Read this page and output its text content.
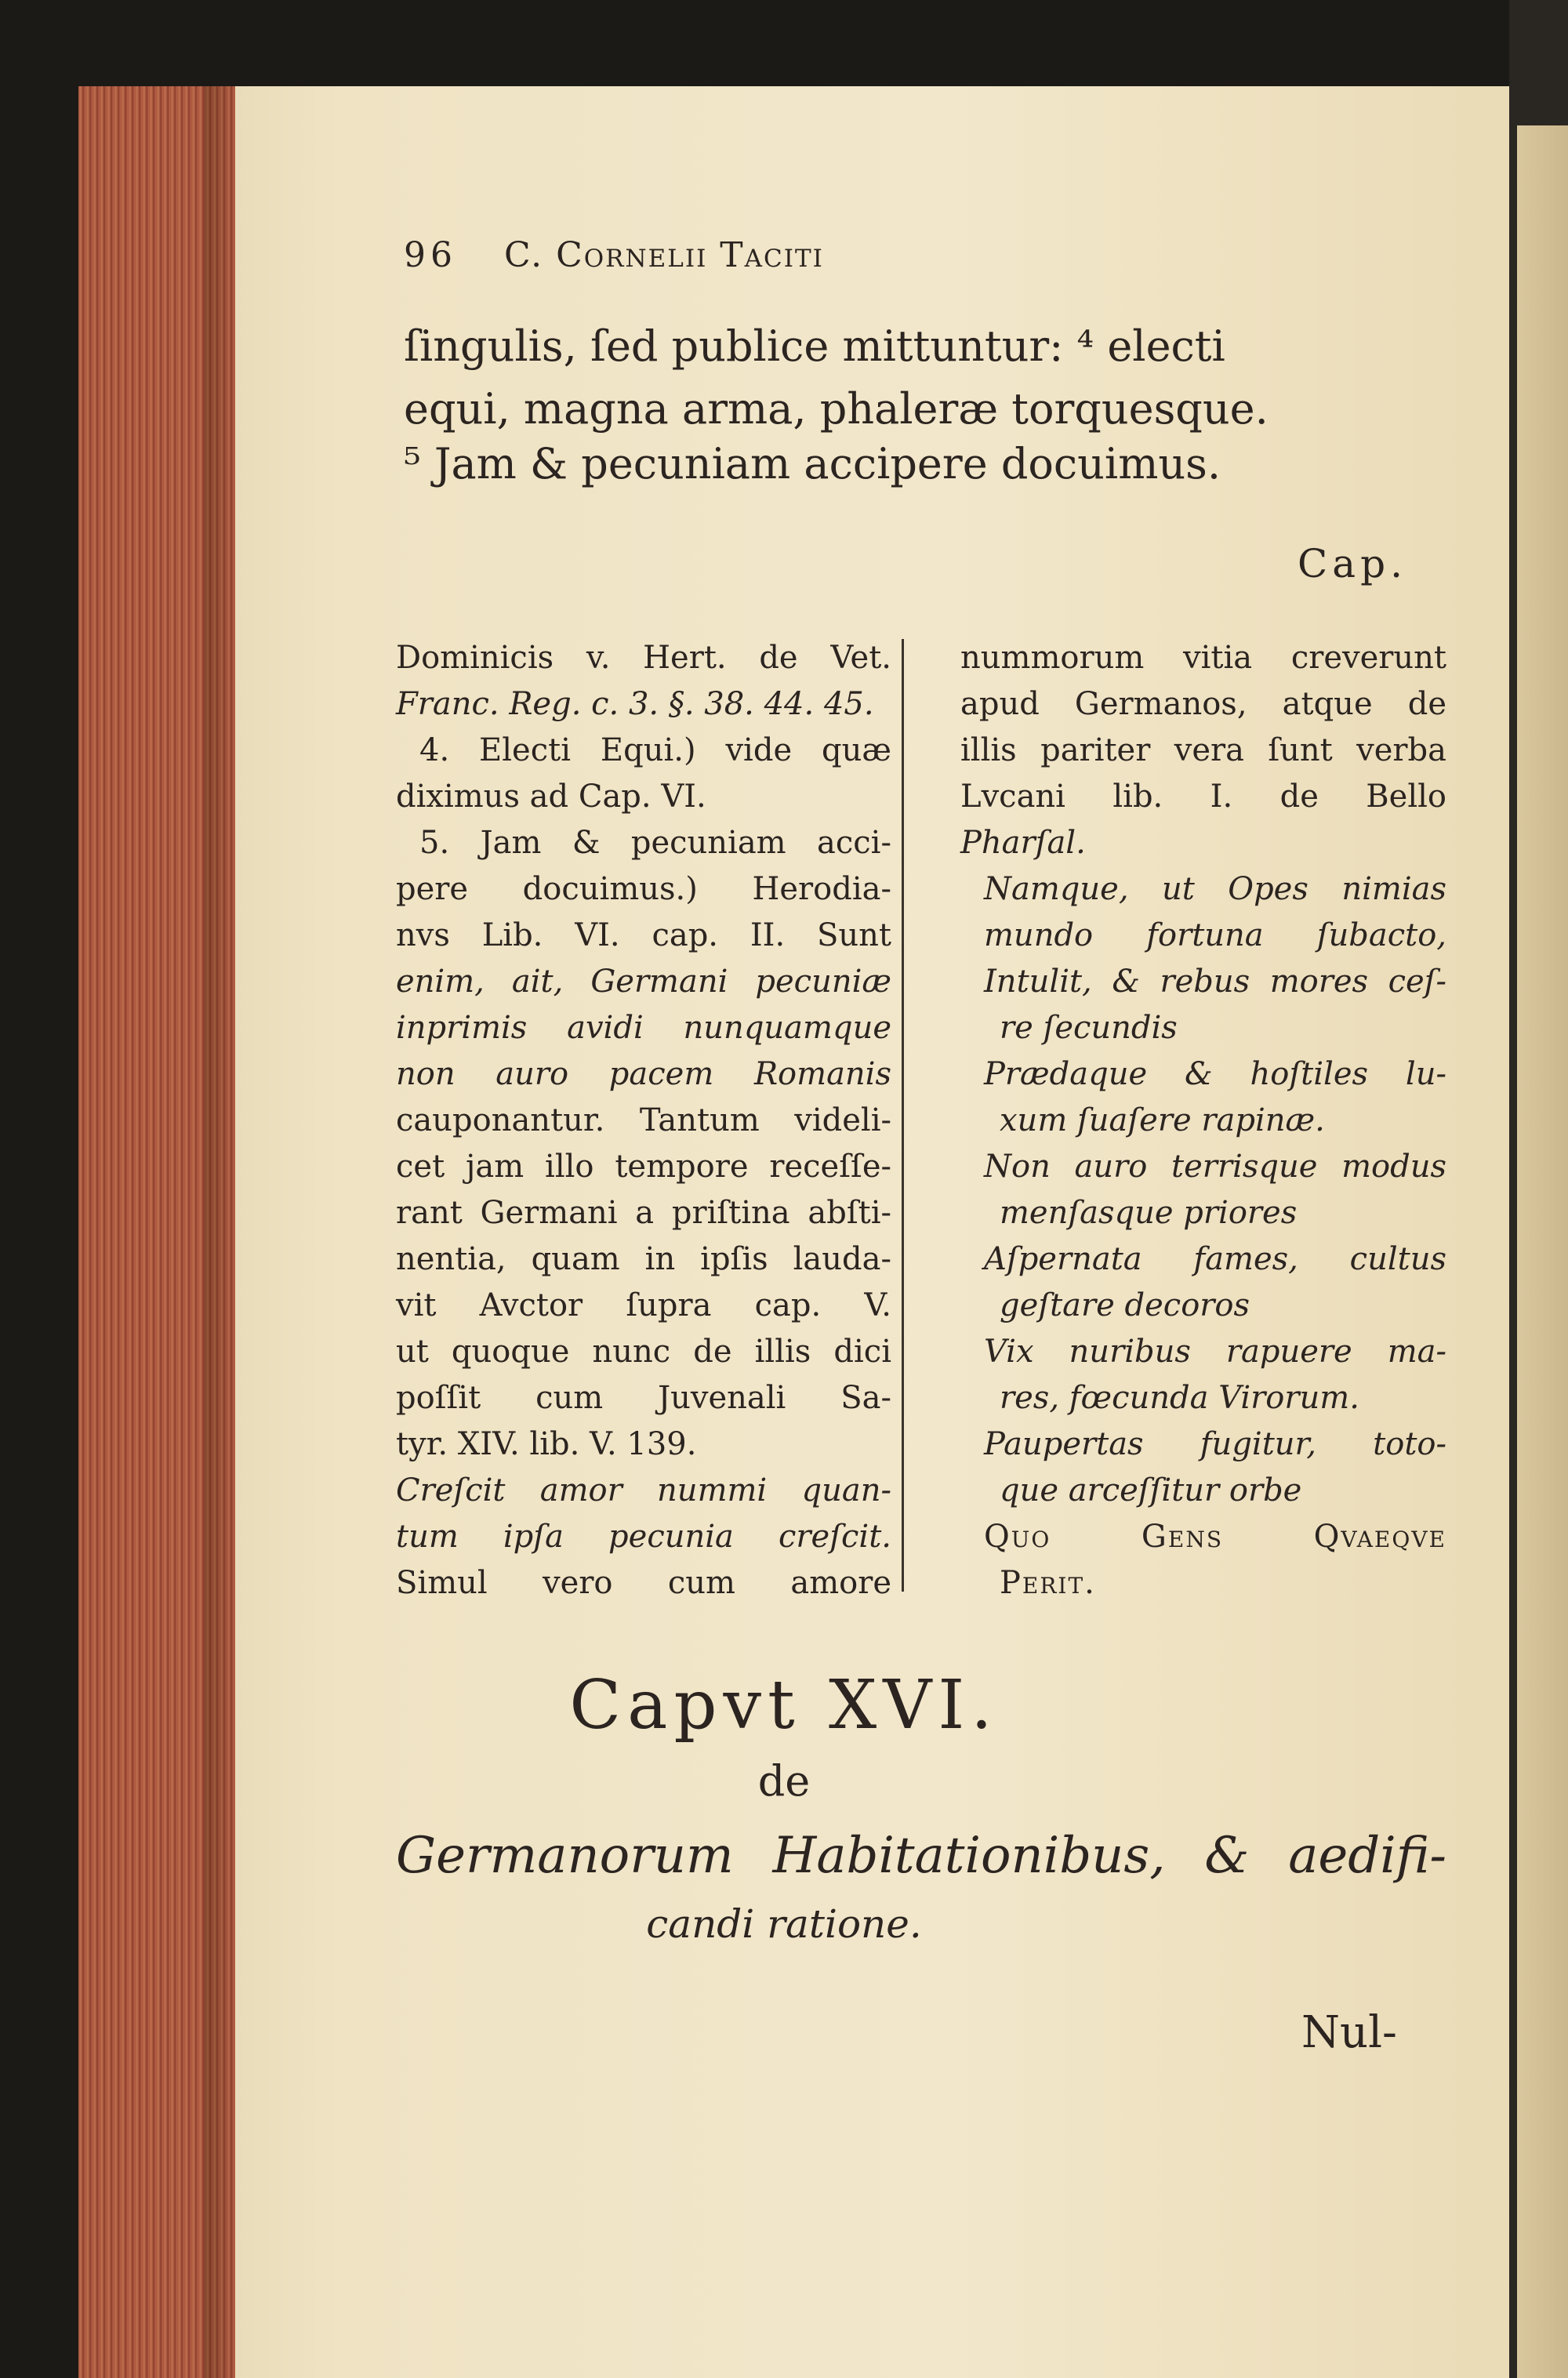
96 C. Cornelii Taciti
ſingulis, ſed publice mittuntur: ⁴ electi
equi, magna arma, phaleræ torquesque.
⁵ Jam & pecuniam accipere docuimus.
Cap.
Dominicis v. Hert. de Vet.
Franc. Reg. c. 3. §. 38. 44. 45.
4. Electi Equi.) vide quæ
diximus ad Cap. VI.
5. Jam & pecuniam acci-
pere docuimus.) Herodia-
nvs Lib. VI. cap. II. Sunt
enim, ait, Germani pecuniæ
inprimis avidi nunquamque
non auro pacem Romanis
cauponantur. Tantum videli-
cet jam illo tempore receſſe-
rant Germani a priſtina abſti-
nentia, quam in ipſis lauda-
vit Avctor ſupra cap. V.
ut quoque nunc de illis dici
poſſit cum Juvenali Sa-
tyr. XIV. lib. V. 139.
Creſcit amor nummi quan-
tum ipſa pecunia creſcit.
Simul vero cum amore
nummorum vitia creverunt
apud Germanos, atque de
illis pariter vera ſunt verba
Lvcani lib. I. de Bello
Pharſal.
Namque, ut Opes nimias
mundo fortuna ſubacto,
Intulit, & rebus mores ceſ-
re ſecundis
Prædaque & hoſtiles lu-
xum ſuaſere rapinæ.
Non auro terrisque modus
menſasque priores
Aſpernata fames, cultus
geſtare decoros
Vix nuribus rapuere ma-
res, fœcunda Virorum.
Paupertas fugitur, toto-
que arceſſitur orbe
Quo Gens Qvaeqve
Perit.
Capvt XVI.
de
Germanorum Habitationibus, & aedifi-
candi ratione.
Nul-
